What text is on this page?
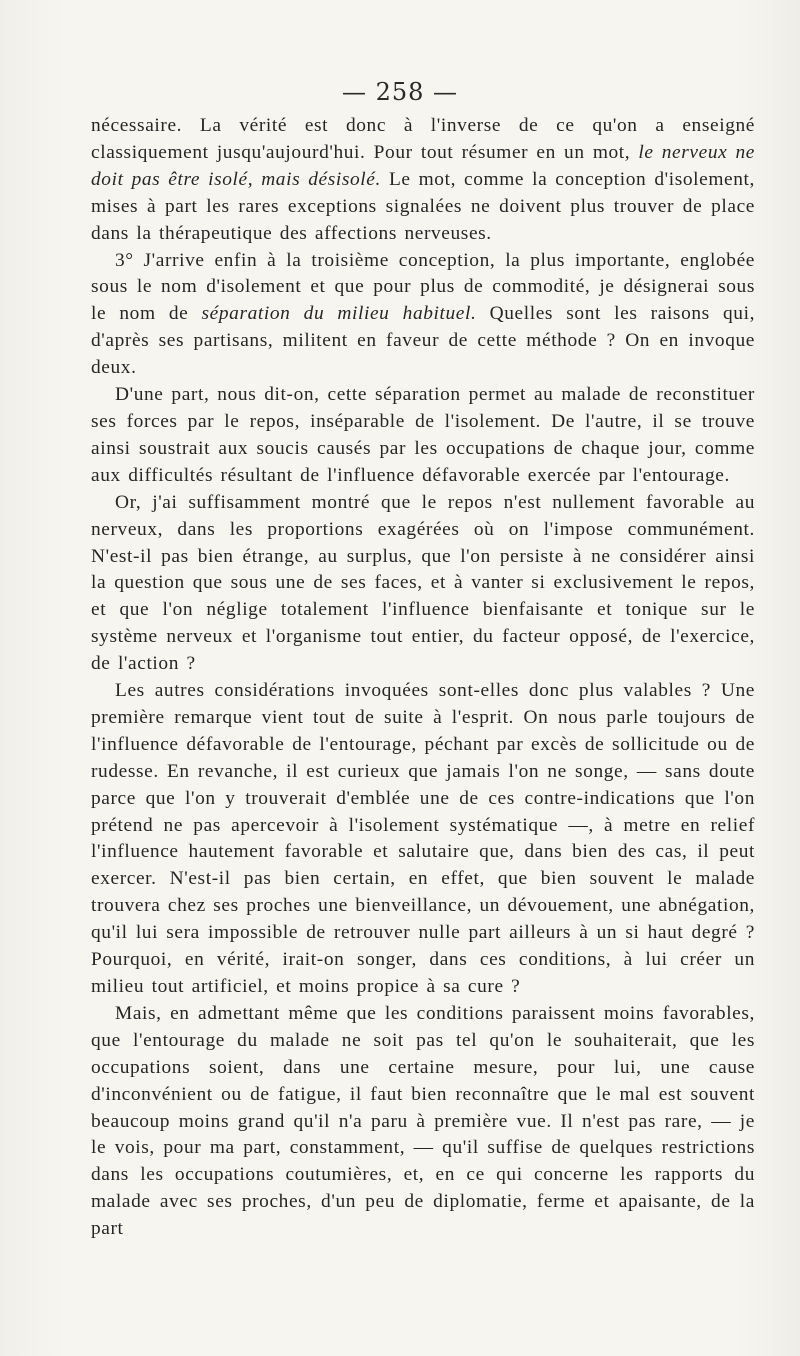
— 258 —

nécessaire. La vérité est donc à l'inverse de ce qu'on a enseigné classiquement jusqu'aujourd'hui. Pour tout résumer en un mot, le nerveux ne doit pas être isolé, mais désisolé. Le mot, comme la conception d'isolement, mises à part les rares exceptions signalées ne doivent plus trouver de place dans la thérapeutique des affections nerveuses.

3° J'arrive enfin à la troisième conception, la plus importante, englobée sous le nom d'isolement et que pour plus de commodité, je désignerai sous le nom de séparation du milieu habituel. Quelles sont les raisons qui, d'après ses partisans, militent en faveur de cette méthode ? On en invoque deux.

D'une part, nous dit-on, cette séparation permet au malade de reconstituer ses forces par le repos, inséparable de l'isolement. De l'autre, il se trouve ainsi soustrait aux soucis causés par les occupations de chaque jour, comme aux difficultés résultant de l'influence défavorable exercée par l'entourage.

Or, j'ai suffisamment montré que le repos n'est nullement favorable au nerveux, dans les proportions exagérées où on l'impose communément. N'est-il pas bien étrange, au surplus, que l'on persiste à ne considérer ainsi la question que sous une de ses faces, et à vanter si exclusivement le repos, et que l'on néglige totalement l'influence bienfaisante et tonique sur le système nerveux et l'organisme tout entier, du facteur opposé, de l'exercice, de l'action ?

Les autres considérations invoquées sont-elles donc plus valables ? Une première remarque vient tout de suite à l'esprit. On nous parle toujours de l'influence défavorable de l'entourage, péchant par excès de sollicitude ou de rudesse. En revanche, il est curieux que jamais l'on ne songe, — sans doute parce que l'on y trouverait d'emblée une de ces contre-indications que l'on prétend ne pas apercevoir à l'isolement systématique —, à metre en relief l'influence hautement favorable et salutaire que, dans bien des cas, il peut exercer. N'est-il pas bien certain, en effet, que bien souvent le malade trouvera chez ses proches une bienveillance, un dévouement, une abnégation, qu'il lui sera impossible de retrouver nulle part ailleurs à un si haut degré ? Pourquoi, en vérité, irait-on songer, dans ces conditions, à lui créer un milieu tout artificiel, et moins propice à sa cure ?

Mais, en admettant même que les conditions paraissent moins favorables, que l'entourage du malade ne soit pas tel qu'on le souhaiterait, que les occupations soient, dans une certaine mesure, pour lui, une cause d'inconvénient ou de fatigue, il faut bien reconnaître que le mal est souvent beaucoup moins grand qu'il n'a paru à première vue. Il n'est pas rare, — je le vois, pour ma part, constamment, — qu'il suffise de quelques restrictions dans les occupations coutumières, et, en ce qui concerne les rapports du malade avec ses proches, d'un peu de diplomatie, ferme et apaisante, de la part
